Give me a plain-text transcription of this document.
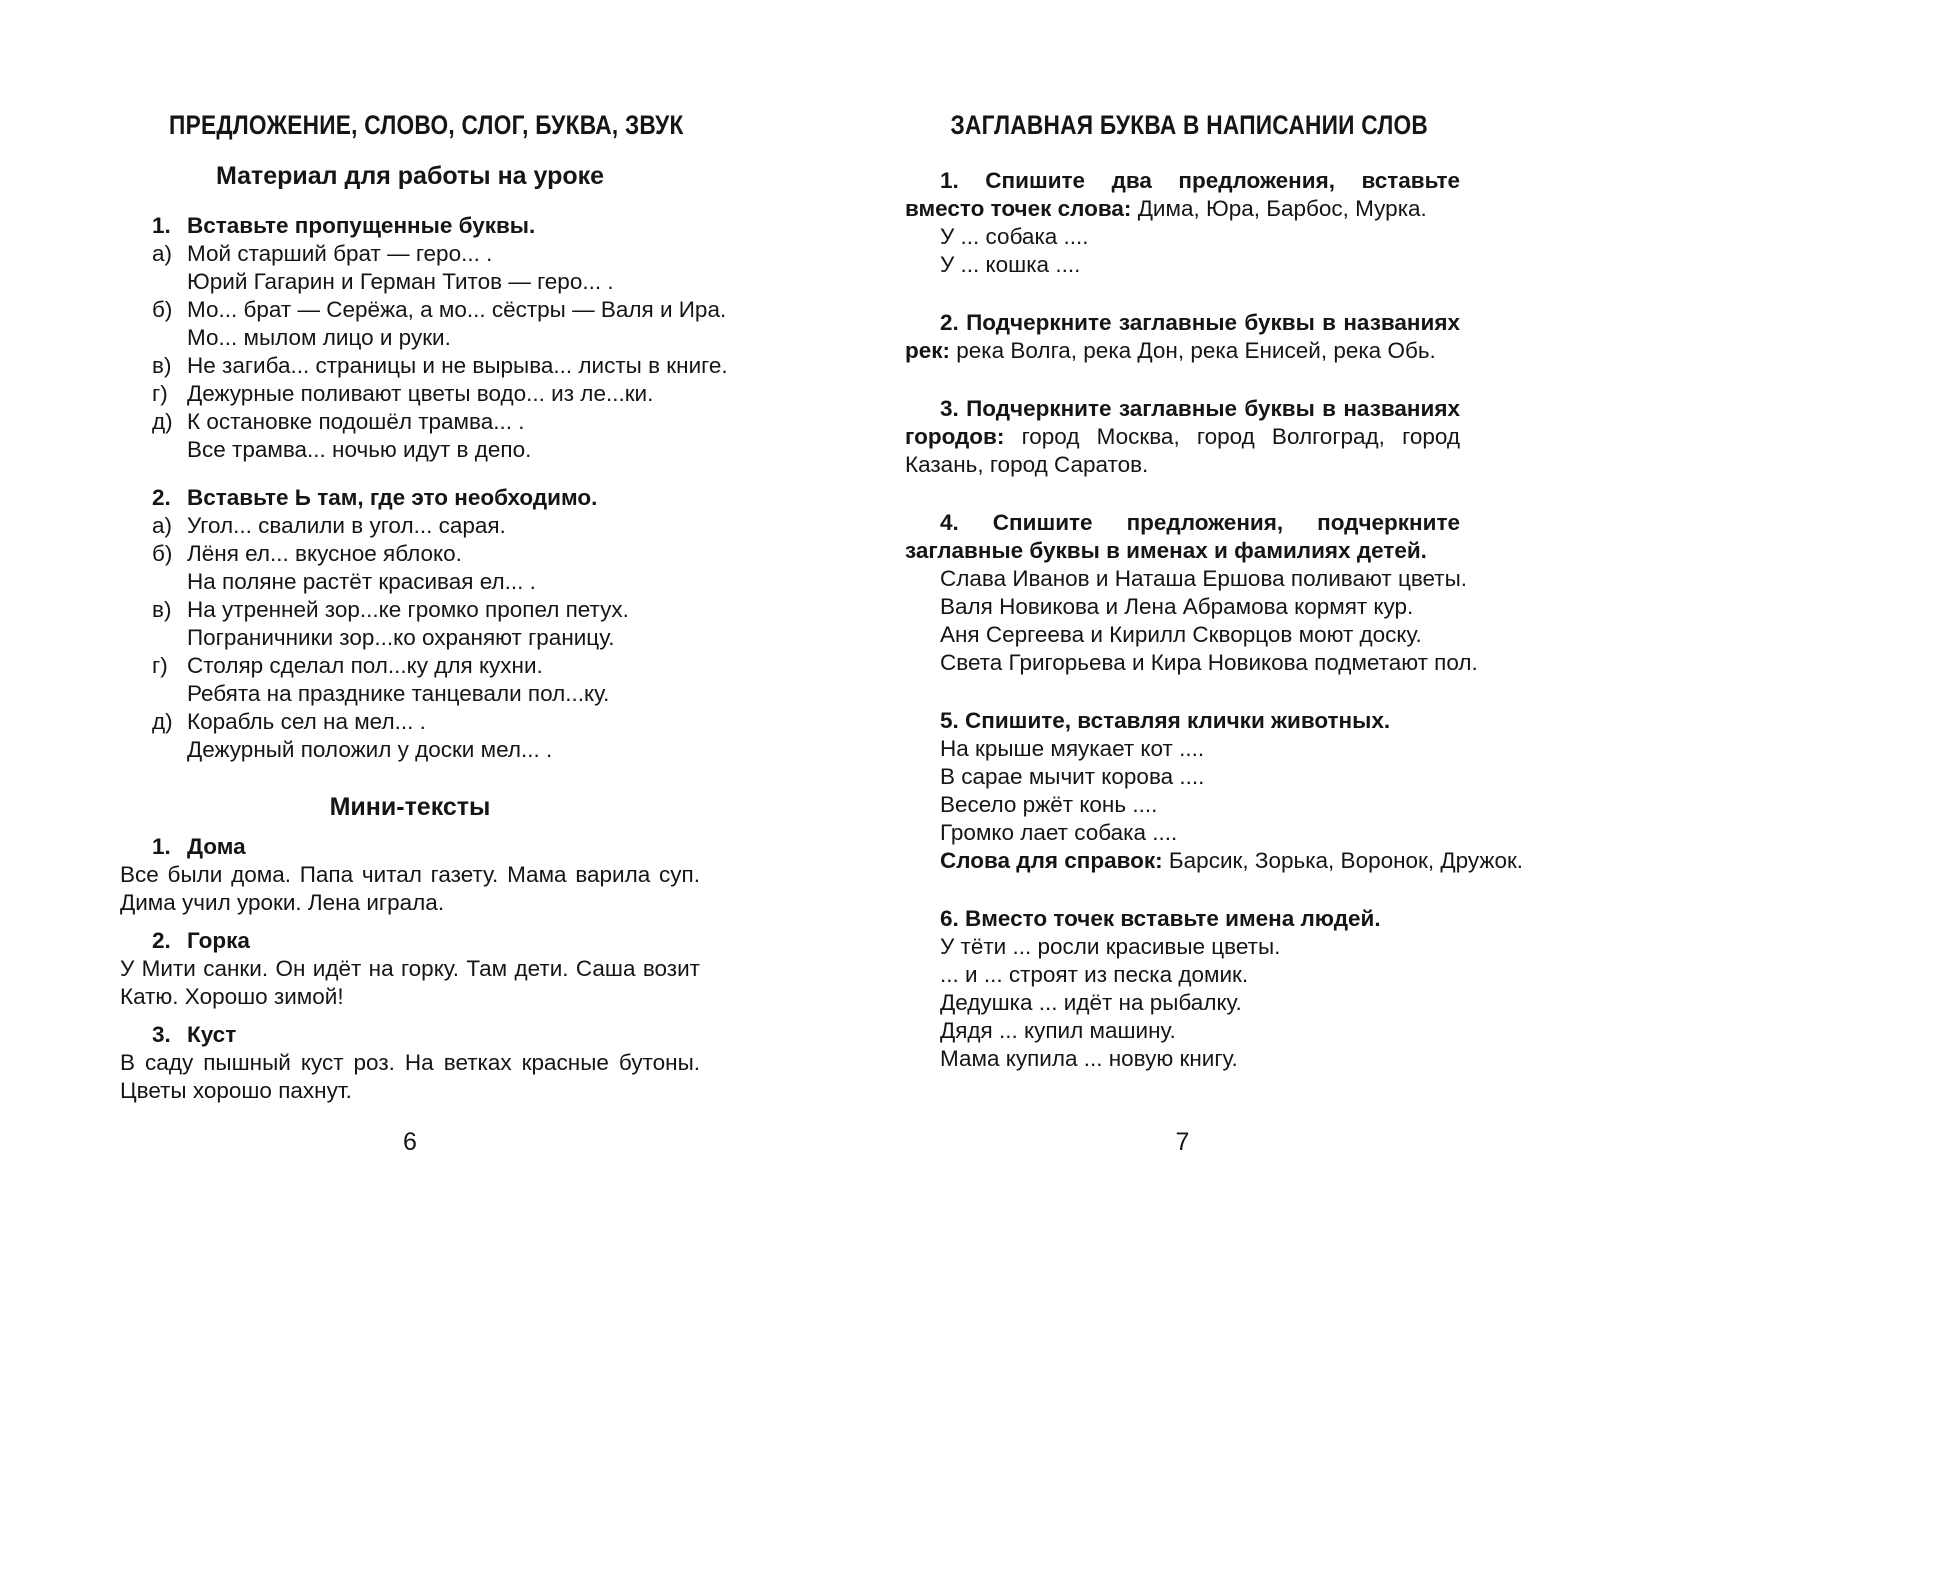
ПРЕДЛОЖЕНИЕ, СЛОВО, СЛОГ, БУКВА, ЗВУК
Материал для работы на уроке

1. Вставьте пропущенные буквы.

а) Мой старший брат — геро... .

Юрий Гагарин и Герман Титов — геро... .

б) Мо... брат — Серёжа, а мо... сёстры — Валя и Ира.

Мо... мылом лицо и руки.

в) Не загиба... страницы и не вырыва... листы в книге.

г) Дежурные поливают цветы водо... из ле...ки.

д) К остановке подошёл трамва... .

Все трамва... ночью идут в депо.

2. Вставьте Ь там, где это необходимо.

а) Угол... свалили в угол... сарая.

б) Лёня ел... вкусное яблоко.

На поляне растёт красивая ел... .

в) На утренней зор...ке громко пропел петух.

Пограничники зор...ко охраняют границу.

г) Столяр сделал пол...ку для кухни.

Ребята на празднике танцевали пол...ку.

д) Корабль сел на мел... .

Дежурный положил у доски мел... .

Мини-тексты

1. Дома

Все были дома. Папа читал газету. Мама варила суп. Дима учил уроки. Лена играла.

2. Горка

У Мити санки. Он идёт на горку. Там дети. Саша возит Катю. Хорошо зимой!

3. Куст

В саду пышный куст роз. На ветках красные бутоны. Цветы хорошо пахнут.

6
ЗАГЛАВНАЯ БУКВА В НАПИСАНИИ СЛОВ

1. Спишите два предложения, вставьте вместо точек слова: Дима, Юра, Барбос, Мурка.

У ... собака ....

У ... кошка ....

2. Подчеркните заглавные буквы в названиях рек: река Волга, река Дон, река Енисей, река Обь.

3. Подчеркните заглавные буквы в названиях городов: город Москва, город Волгоград, город Казань, город Саратов.

4. Спишите предложения, подчеркните заглавные буквы в именах и фамилиях детей.

Слава Иванов и Наташа Ершова поливают цветы.

Валя Новикова и Лена Абрамова кормят кур.

Аня Сергеева и Кирилл Скворцов моют доску.

Света Григорьева и Кира Новикова подметают пол.

5. Спишите, вставляя клички животных.

На крыше мяукает кот ....

В сарае мычит корова ....

Весело ржёт конь ....

Громко лает собака ....

Слова для справок: Барсик, Зорька, Воронок, Дружок.

6. Вместо точек вставьте имена людей.

У тёти ... росли красивые цветы.

... и ... строят из песка домик.

Дедушка ... идёт на рыбалку.

Дядя ... купил машину.

Мама купила ... новую книгу.

7
